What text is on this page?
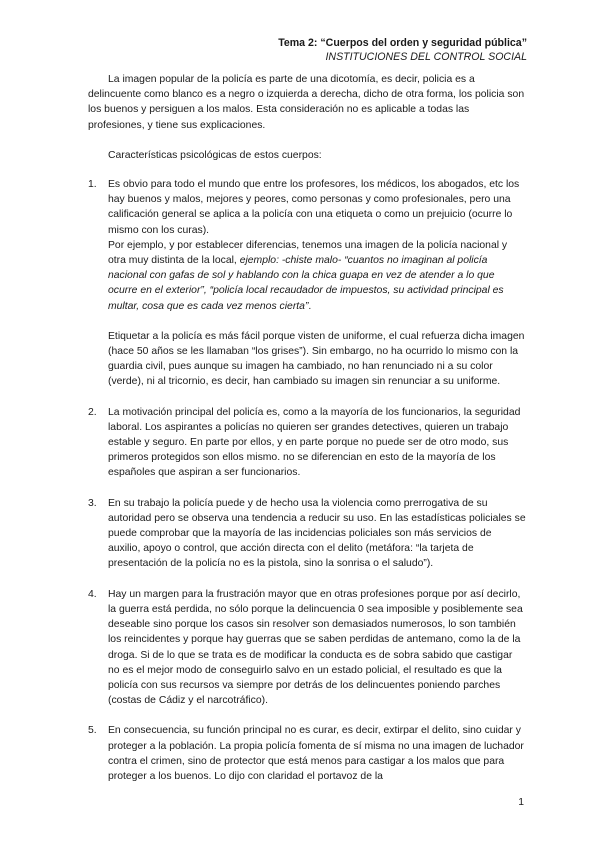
Tema 2: “Cuerpos del orden y seguridad pública”
INSTITUCIONES DEL CONTROL SOCIAL

La imagen popular de la policía es parte de una dicotomía, es decir, policia es a delincuente como blanco es a negro o izquierda a derecha, dicho de otra forma, los policia son los buenos y persiguen a los malos. Esta consideración no es aplicable a todas las profesiones, y tiene sus explicaciones.

Características psicológicas de estos cuerpos:

1. Es obvio para todo el mundo que entre los profesores, los médicos, los abogados, etc los hay buenos y malos, mejores y peores, como personas y como profesionales, pero una calificación general se aplica a la policía con una etiqueta o como un prejuicio (ocurre lo mismo con los curas).

Por ejemplo, y por establecer diferencias, tenemos una imagen de la policía nacional y otra muy distinta de la local, ejemplo: -chiste malo- “cuantos no imaginan al policía nacional con gafas de sol y hablando con la chica guapa en vez de atender a lo que ocurre en el exterior”, “policía local recaudador de impuestos, su actividad principal es multar, cosa que es cada vez menos cierta”.

Etiquetar a la policía es más fácil porque visten de uniforme, el cual refuerza dicha imagen (hace 50 años se les llamaban “los grises”). Sin embargo, no ha ocurrido lo mismo con la guardia civil, pues aunque su imagen ha cambiado, no han renunciado ni a su color (verde), ni al tricornio, es decir, han cambiado su imagen sin renunciar a su uniforme.

2. La motivación principal del policía es, como a la mayoría de los funcionarios, la seguridad laboral. Los aspirantes a policías no quieren ser grandes detectives, quieren un trabajo estable y seguro. En parte por ellos, y en parte porque no puede ser de otro modo, sus primeros protegidos son ellos mismo. no se diferencian en esto de la mayoría de los españoles que aspiran a ser funcionarios.

3. En su trabajo la policía puede y de hecho usa la violencia como prerrogativa de su autoridad pero se observa una tendencia a reducir su uso. En las estadísticas policiales se puede comprobar que la mayoría de las incidencias policiales son más servicios de auxilio, apoyo o control, que acción directa con el delito (metáfora: “la tarjeta de presentación de la policía no es la pistola, sino la sonrisa o el saludo”).

4. Hay un margen para la frustración mayor que en otras profesiones porque por así decirlo, la guerra está perdida, no sólo porque la delincuencia 0 sea imposible y posiblemente sea deseable sino porque los casos sin resolver son demasiados numerosos, lo son también los reincidentes y porque hay guerras que se saben perdidas de antemano, como la de la droga. Si de lo que se trata es de modificar la conducta es de sobra sabido que castigar no es el mejor modo de conseguirlo salvo en un estado policial, el resultado es que la policía con sus recursos va siempre por detrás de los delincuentes poniendo parches (costas de Cádiz y el narcotráfico).

5. En consecuencia, su función principal no es curar, es decir, extirpar el delito, sino cuidar y proteger a la población. La propia policía fomenta de sí misma no una imagen de luchador contra el crimen, sino de protector que está menos para castigar a los malos que para proteger a los buenos. Lo dijo con claridad el portavoz de la

1
